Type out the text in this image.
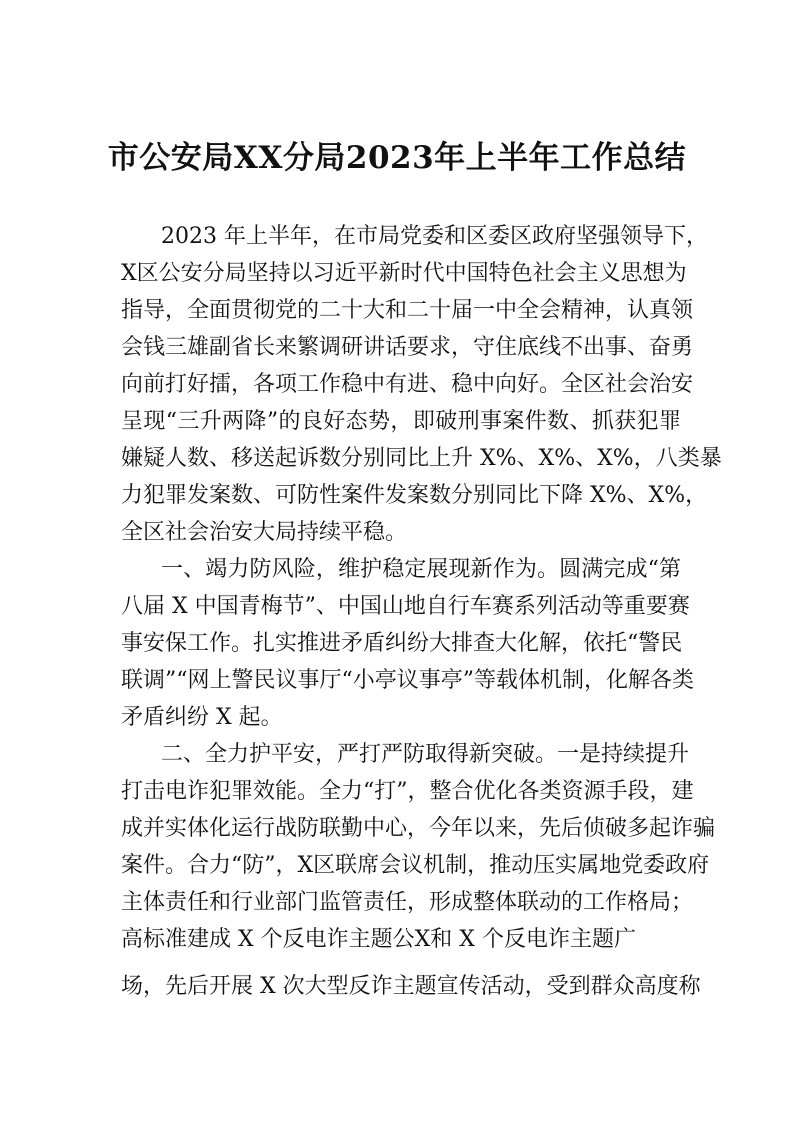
市公安局XX分局2023年上半年工作总结
2023 年上半年，在市局党委和区委区政府坚强领导下，
X区公安分局坚持以习近平新时代中国特色社会主义思想为
指导，全面贯彻党的二十大和二十届一中全会精神，认真领
会钱三雄副省长来繁调研讲话要求，守住底线不出事、奋勇
向前打好擂，各项工作稳中有进、稳中向好。全区社会治安
呈现“三升两降”的良好态势，即破刑事案件数、抓获犯罪
嫌疑人数、移送起诉数分别同比上升 X%、X%、X%，八类暴
力犯罪发案数、可防性案件发案数分别同比下降 X%、X%，
全区社会治安大局持续平稳。
一、竭力防风险，维护稳定展现新作为。圆满完成“第
八届 X 中国青梅节”、中国山地自行车赛系列活动等重要赛
事安保工作。扎实推进矛盾纠纷大排查大化解，依托“警民
联调”“网上警民议事厅“小亭议事亭”等载体机制，化解各类
矛盾纠纷 X 起。
二、全力护平安，严打严防取得新突破。一是持续提升
打击电诈犯罪效能。全力“打”，整合优化各类资源手段，建
成并实体化运行战防联勤中心，今年以来，先后侦破多起诈骗
案件。合力“防”，X区联席会议机制，推动压实属地党委政府
主体责任和行业部门监管责任，形成整体联动的工作格局；
高标准建成 X 个反电诈主题公X和 X 个反电诈主题广
场，先后开展 X 次大型反诈主题宣传活动，受到群众高度称
